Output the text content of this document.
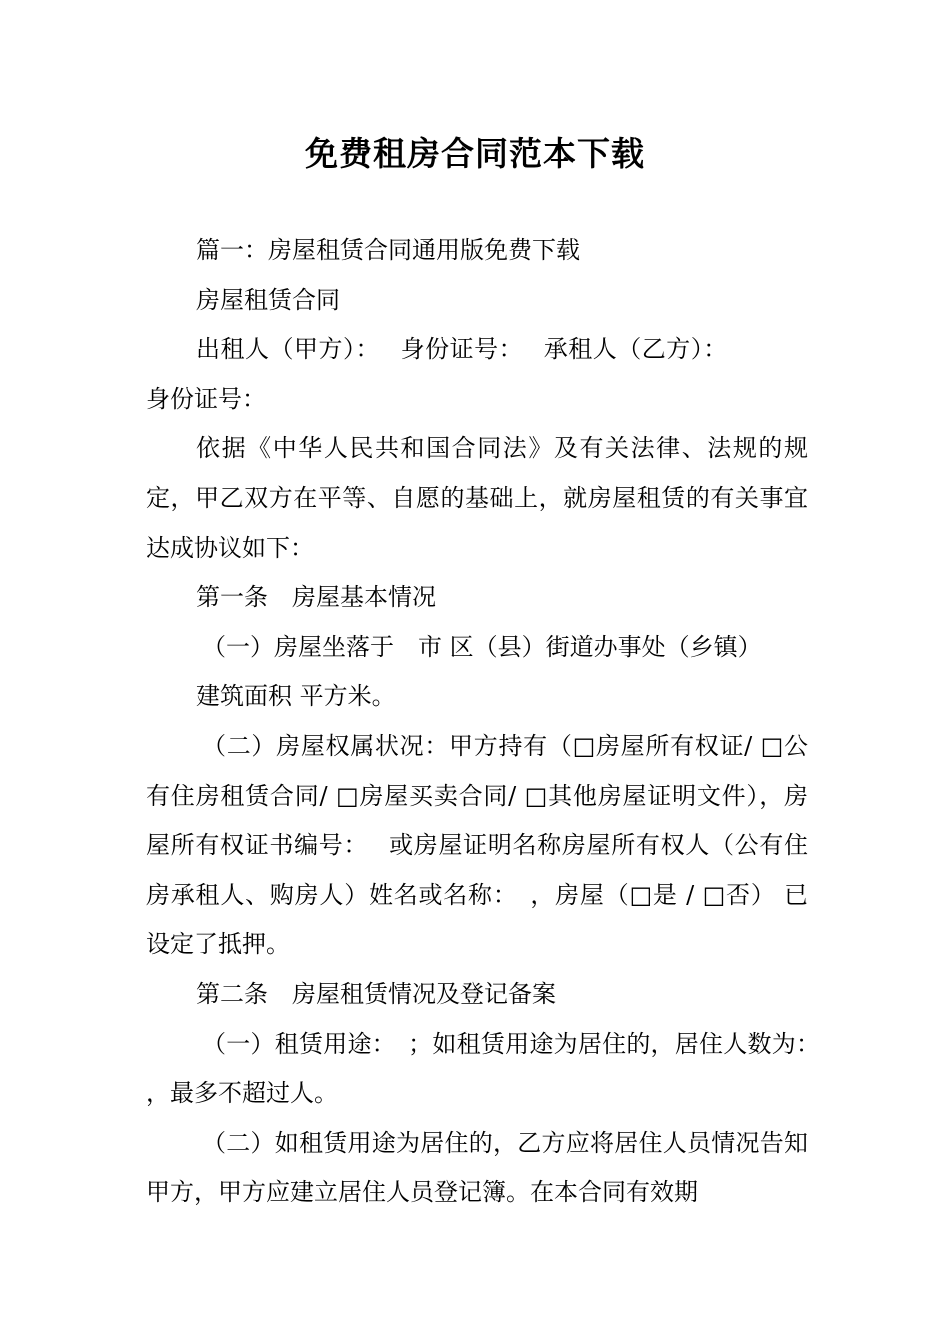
免费租房合同范本下载

篇一：房屋租赁合同通用版免费下载

房屋租赁合同

出租人（甲方）：　 身份证号：　 承租人（乙方）：

身份证号：

依据《中华人民共和国合同法》及有关法律、法规的规定，甲乙双方在平等、自愿的基础上，就房屋租赁的有关事宜达成协议如下：

第一条　房屋基本情况

（一）房屋坐落于　市 区（县）街道办事处（乡镇）

建筑面积 平方米。

（二）房屋权属状况：甲方持有（□房屋所有权证/ □公有住房租赁合同/ □房屋买卖合同/ □其他房屋证明文件），房屋所有权证书编号：　 或房屋证明名称房屋所有权人（公有住房承租人、购房人）姓名或名称：　，房屋（□是 / □否） 已设定了抵押。

第二条　房屋租赁情况及登记备案

（一）租赁用途：　；如租赁用途为居住的，居住人数为：　 ，最多不超过人。

（二）如租赁用途为居住的，乙方应将居住人员情况告知甲方，甲方应建立居住人员登记簿。在本合同有效期
